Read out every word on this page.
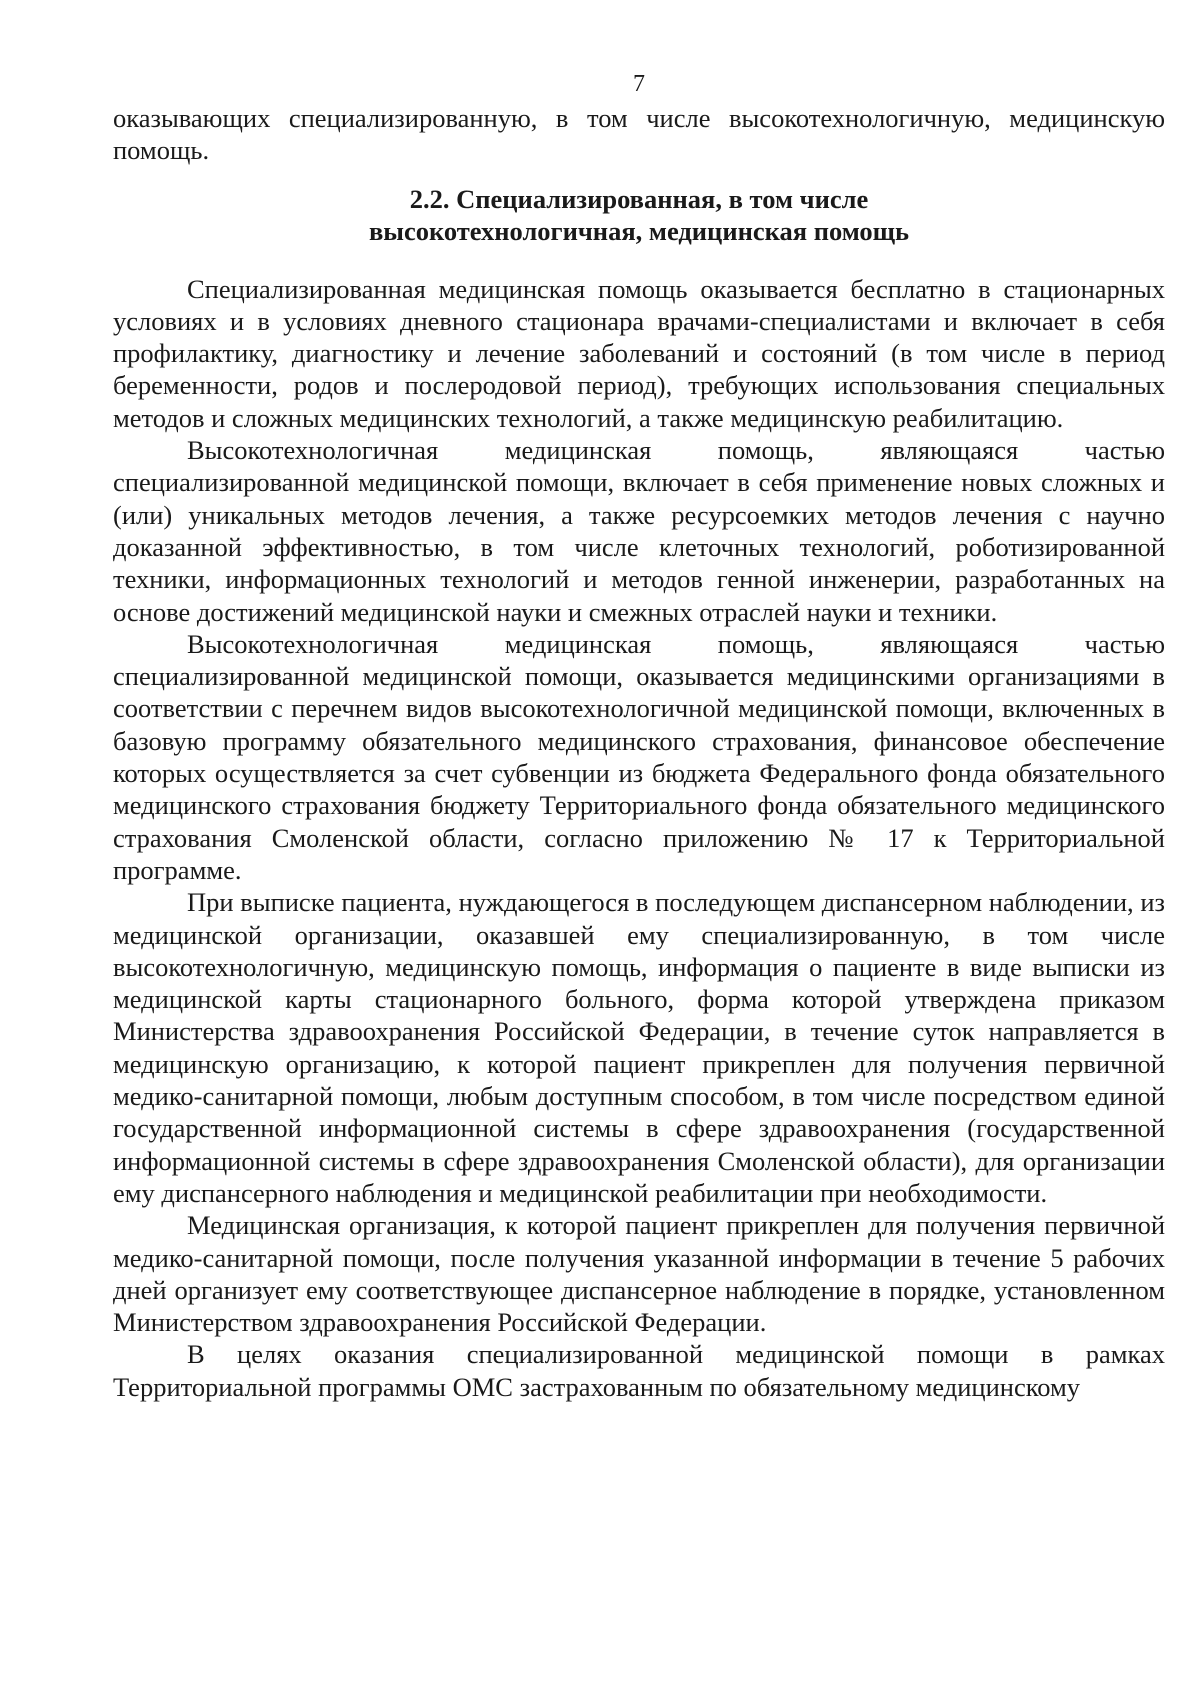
7

оказывающих специализированную, в том числе высокотехнологичную, медицинскую помощь.

2.2. Специализированная, в том числе
высокотехнологичная, медицинская помощь

Специализированная медицинская помощь оказывается бесплатно в стационарных условиях и в условиях дневного стационара врачами-специалистами и включает в себя профилактику, диагностику и лечение заболеваний и состояний (в том числе в период беременности, родов и послеродовой период), требующих использования специальных методов и сложных медицинских технологий, а также медицинскую реабилитацию.

Высокотехнологичная медицинская помощь, являющаяся частью специализированной медицинской помощи, включает в себя применение новых сложных и (или) уникальных методов лечения, а также ресурсоемких методов лечения с научно доказанной эффективностью, в том числе клеточных технологий, роботизированной техники, информационных технологий и методов генной инженерии, разработанных на основе достижений медицинской науки и смежных отраслей науки и техники.

Высокотехнологичная медицинская помощь, являющаяся частью специализированной медицинской помощи, оказывается медицинскими организациями в соответствии с перечнем видов высокотехнологичной медицинской помощи, включенных в базовую программу обязательного медицинского страхования, финансовое обеспечение которых осуществляется за счет субвенции из бюджета Федерального фонда обязательного медицинского страхования бюджету Территориального фонда обязательного медицинского страхования Смоленской области, согласно приложению № 17 к Территориальной программе.

При выписке пациента, нуждающегося в последующем диспансерном наблюдении, из медицинской организации, оказавшей ему специализированную, в том числе высокотехнологичную, медицинскую помощь, информация о пациенте в виде выписки из медицинской карты стационарного больного, форма которой утверждена приказом Министерства здравоохранения Российской Федерации, в течение суток направляется в медицинскую организацию, к которой пациент прикреплен для получения первичной медико-санитарной помощи, любым доступным способом, в том числе посредством единой государственной информационной системы в сфере здравоохранения (государственной информационной системы в сфере здравоохранения Смоленской области), для организации ему диспансерного наблюдения и медицинской реабилитации при необходимости.

Медицинская организация, к которой пациент прикреплен для получения первичной медико-санитарной помощи, после получения указанной информации в течение 5 рабочих дней организует ему соответствующее диспансерное наблюдение в порядке, установленном Министерством здравоохранения Российской Федерации.

В целях оказания специализированной медицинской помощи в рамках Территориальной программы ОМС застрахованным по обязательному медицинскому
